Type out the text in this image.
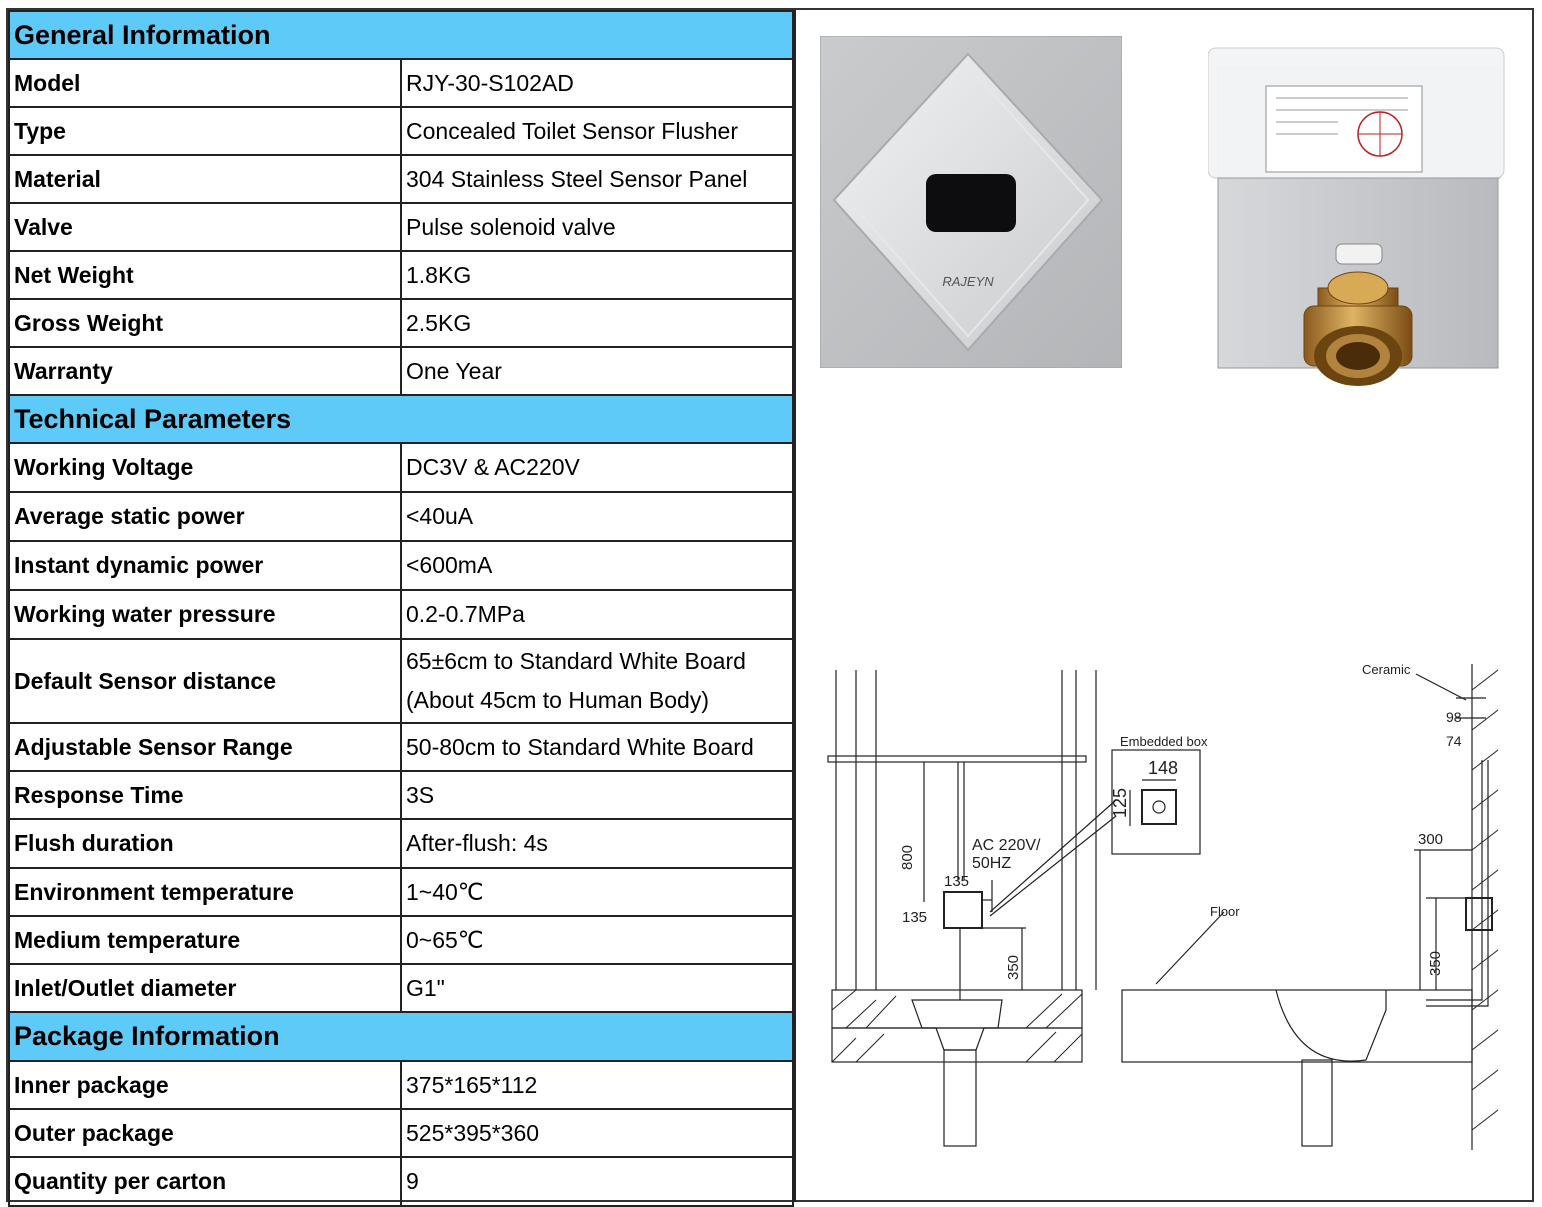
General Information	
Model	RJY-30-S102AD
Type	Concealed Toilet Sensor Flusher
Material	304 Stainless Steel Sensor Panel
Valve	Pulse solenoid valve
Net Weight	1.8KG
Gross Weight	2.5KG
Warranty	One Year
Technical Parameters	
Working Voltage	DC3V & AC220V
Average static power	<40uA
Instant dynamic power	<600mA
Working water pressure	0.2-0.7MPa
Default Sensor distance	65±6cm to Standard White Board
(About 45cm to Human Body)

Adjustable Sensor Range	50-80cm to Standard White Board
Response Time	3S
Flush duration	After-flush: 4s
Environment temperature	1~40℃
Medium temperature	0~65℃
Inlet/Outlet diameter	G1"
Package Information	
Inner package	375*165*112
Outer package	525*395*360
Quantity per carton	9
RAJEYN
Embedded box
148
125
AC 220V/
50HZ
135
135
800
350
Floor
Ceramic
98
74
300
350
